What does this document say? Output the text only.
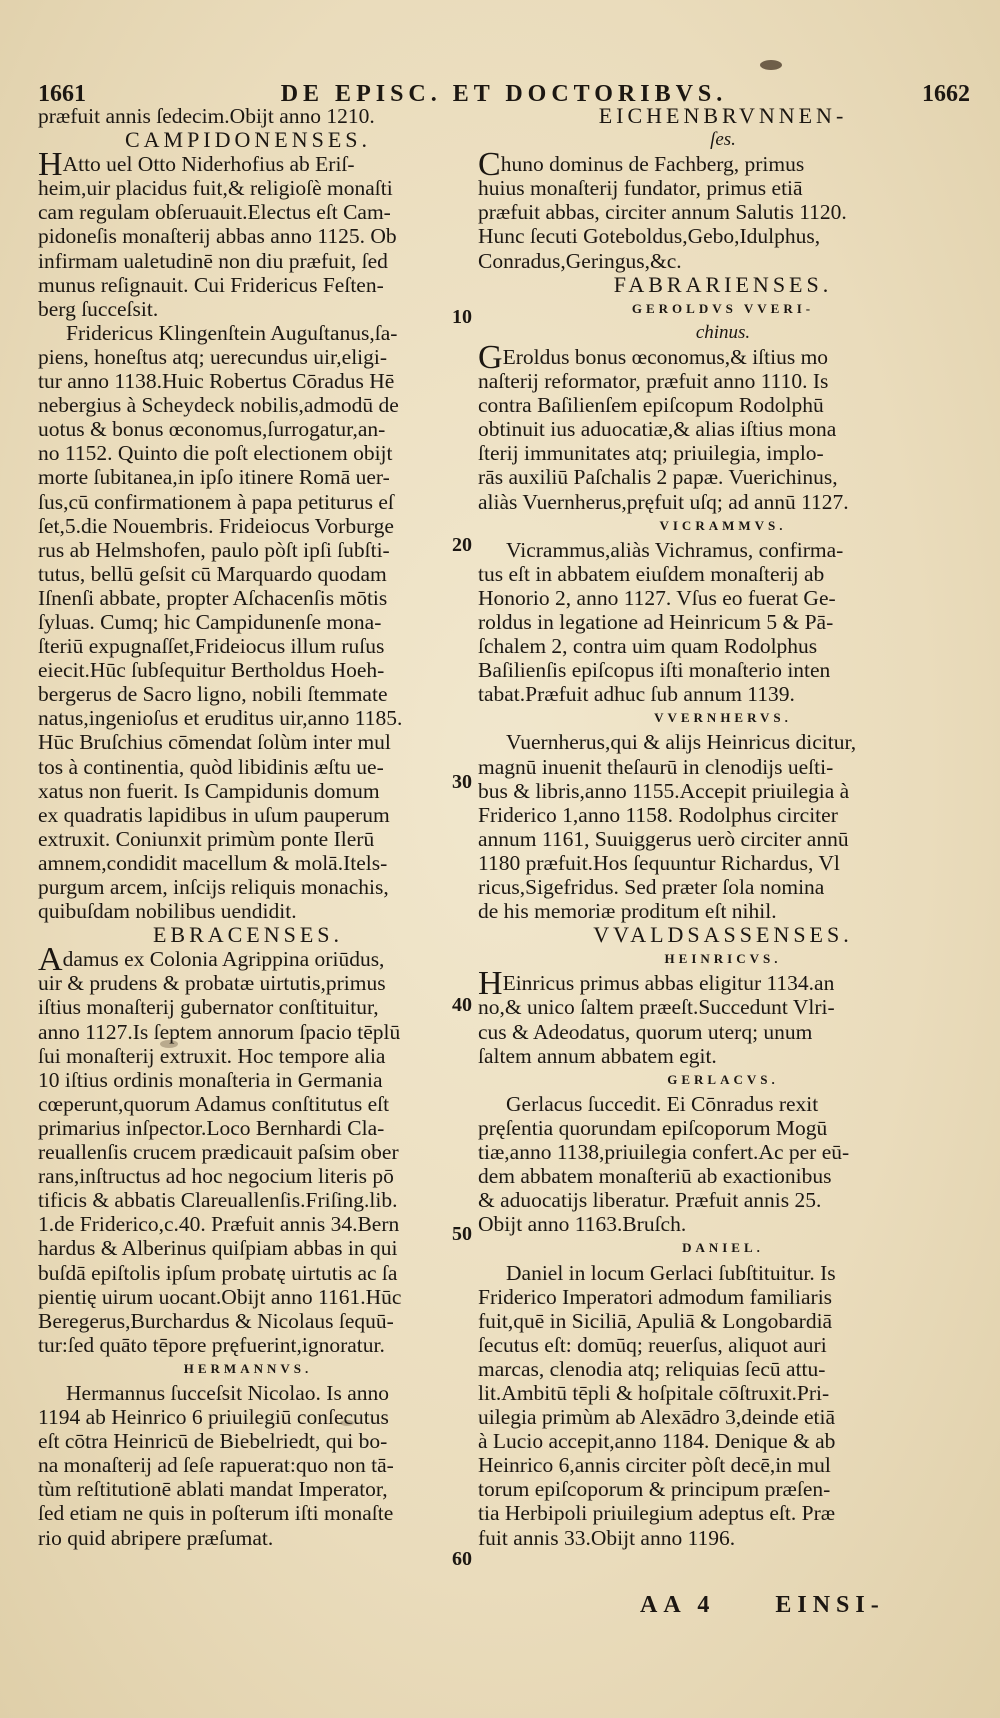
1661	DE EPISC. ET DOCTORIBVS.	1662
præfuit annis ſedecim.Obijt anno 1210.
CAMPIDONENSES.
HAtto uel Otto Niderhofius ab Eriſ-
heim,uir placidus fuit,& religioſè monaſti
cam regulam obſeruauit.Electus eſt Cam-
pidoneſis monaſterij abbas anno 1125. Ob
infirmam ualetudinē non diu præfuit, ſed
munus reſignauit. Cui Fridericus Feſten-
berg ſucceſsit.
Fridericus Klingenſtein Auguſtanus,ſa-
piens, honeſtus atq; uerecundus uir,eligi-
tur anno 1138.Huic Robertus Cōradus Hē
nebergius à Scheydeck nobilis,admodū de
uotus & bonus œconomus,ſurrogatur,an-
no 1152. Quinto die poſt electionem obijt
morte ſubitanea,in ipſo itinere Romā uer-
ſus,cū confirmationem à papa petiturus eſ
ſet,5.die Nouembris. Frideiocus Vorburge
rus ab Helmshofen, paulo pòſt ipſi ſubſti-
tutus, bellū geſsit cū Marquardo quodam
Iſnenſi abbate, propter Aſchacenſis mōtis
ſyluas. Cumq; hic Campidunenſe mona-
ſteriū expugnaſſet,Frideiocus illum ruſus
eiecit.Hūc ſubſequitur Bertholdus Hoeh-
bergerus de Sacro ligno, nobili ſtemmate
natus,ingenioſus et eruditus uir,anno 1185.
Hūc Bruſchius cōmendat ſolùm inter mul
tos à continentia, quòd libidinis æſtu ue-
xatus non fuerit. Is Campidunis domum
ex quadratis lapidibus in uſum pauperum
extruxit. Coniunxit primùm ponte Ilerū
amnem,condidit macellum & molā.Itels-
purgum arcem, inſcijs reliquis monachis,
quibuſdam nobilibus uendidit.
EBRACENSES.
Adamus ex Colonia Agrippina oriūdus,
uir & prudens & probatæ uirtutis,primus
iſtius monaſterij gubernator conſtituitur,
anno 1127.Is ſeptem annorum ſpacio tēplū
ſui monaſterij extruxit. Hoc tempore alia
10 iſtius ordinis monaſteria in Germania
cœperunt,quorum Adamus conſtitutus eſt
primarius inſpector.Loco Bernhardi Cla-
reuallenſis crucem prædicauit paſsim ober
rans,inſtructus ad hoc negocium literis pō
tificis & abbatis Clareuallenſis.Friſing.lib.
1.de Friderico,c.40. Præfuit annis 34.Bern
hardus & Alberinus quiſpiam abbas in qui
buſdā epiſtolis ipſum probatę uirtutis ac ſa
pientię uirum uocant.Obijt anno 1161.Hūc
Beregerus,Burchardus & Nicolaus ſequū-
tur:ſed quāto tēpore pręfuerint,ignoratur.
HERMANNVS.
Hermannus ſucceſsit Nicolao. Is anno
1194 ab Heinrico 6 priuilegiū conſecutus
eſt cōtra Heinricū de Biebelriedt, qui bo-
na monaſterij ad ſeſe rapuerat:quo non tā-
tùm reſtitutionē ablati mandat Imperator,
ſed etiam ne quis in poſterum iſti monaſte
rio quid abripere præſumat.
EICHENBRVNNEN-
ſes.
Chuno dominus de Fachberg, primus
huius monaſterij fundator, primus etiā
præfuit abbas, circiter annum Salutis 1120.
Hunc ſecuti Goteboldus,Gebo,Idulphus,
Conradus,Geringus,&c.
FABRARIENSES.
GEROLDVS VVERI-
chinus.
GEroldus bonus œconomus,& iſtius mo
naſterij reformator, præfuit anno 1110. Is
contra Baſilienſem epiſcopum Rodolphū
obtinuit ius aduocatiæ,& alias iſtius mona
ſterij immunitates atq; priuilegia, implo-
rās auxiliū Paſchalis 2 papæ. Vuerichinus,
aliàs Vuernherus,pręfuit uſq; ad annū 1127.
VICRAMMVS.
Vicrammus,aliàs Vichramus, confirma-
tus eſt in abbatem eiuſdem monaſterij ab
Honorio 2, anno 1127. Vſus eo fuerat Ge-
roldus in legatione ad Heinricum 5 & Pā-
ſchalem 2, contra uim quam Rodolphus
Baſilienſis epiſcopus iſti monaſterio inten
tabat.Præfuit adhuc ſub annum 1139.
VVERNHERVS.
Vuernherus,qui & alijs Heinricus dicitur,
magnū inuenit theſaurū in clenodijs ueſti-
bus & libris,anno 1155.Accepit priuilegia à
Friderico 1,anno 1158. Rodolphus circiter
annum 1161, Suuiggerus uerò circiter annū
1180 præfuit.Hos ſequuntur Richardus, Vl
ricus,Sigefridus. Sed præter ſola nomina
de his memoriæ proditum eſt nihil.
VVALDSASSENSES.
HEINRICVS.
HEinricus primus abbas eligitur 1134.an
no,& unico ſaltem præeſt.Succedunt Vlri-
cus & Adeodatus, quorum uterq; unum
ſaltem annum abbatem egit.
GERLACVS.
Gerlacus ſuccedit. Ei Cōnradus rexit
pręſentia quorundam epiſcoporum Mogū
tiæ,anno 1138,priuilegia confert.Ac per eū-
dem abbatem monaſteriū ab exactionibus
& aduocatijs liberatur. Præfuit annis 25.
Obijt anno 1163.Bruſch.
DANIEL.
Daniel in locum Gerlaci ſubſtituitur. Is
Friderico Imperatori admodum familiaris
fuit,quē in Siciliā, Apuliā & Longobardiā
ſecutus eſt: domūq; reuerſus, aliquot auri
marcas, clenodia atq; reliquias ſecū attu-
lit.Ambitū tēpli & hoſpitale cōſtruxit.Pri-
uilegia primùm ab Alexādro 3,deinde etiā
à Lucio accepit,anno 1184. Denique & ab
Heinrico 6,annis circiter pòſt decē,in mul
torum epiſcoporum & principum præſen-
tia Herbipoli priuilegium adeptus eſt. Præ
fuit annis 33.Obijt anno 1196.
10
20
30
40
50
60
AA 4	EINSI-
